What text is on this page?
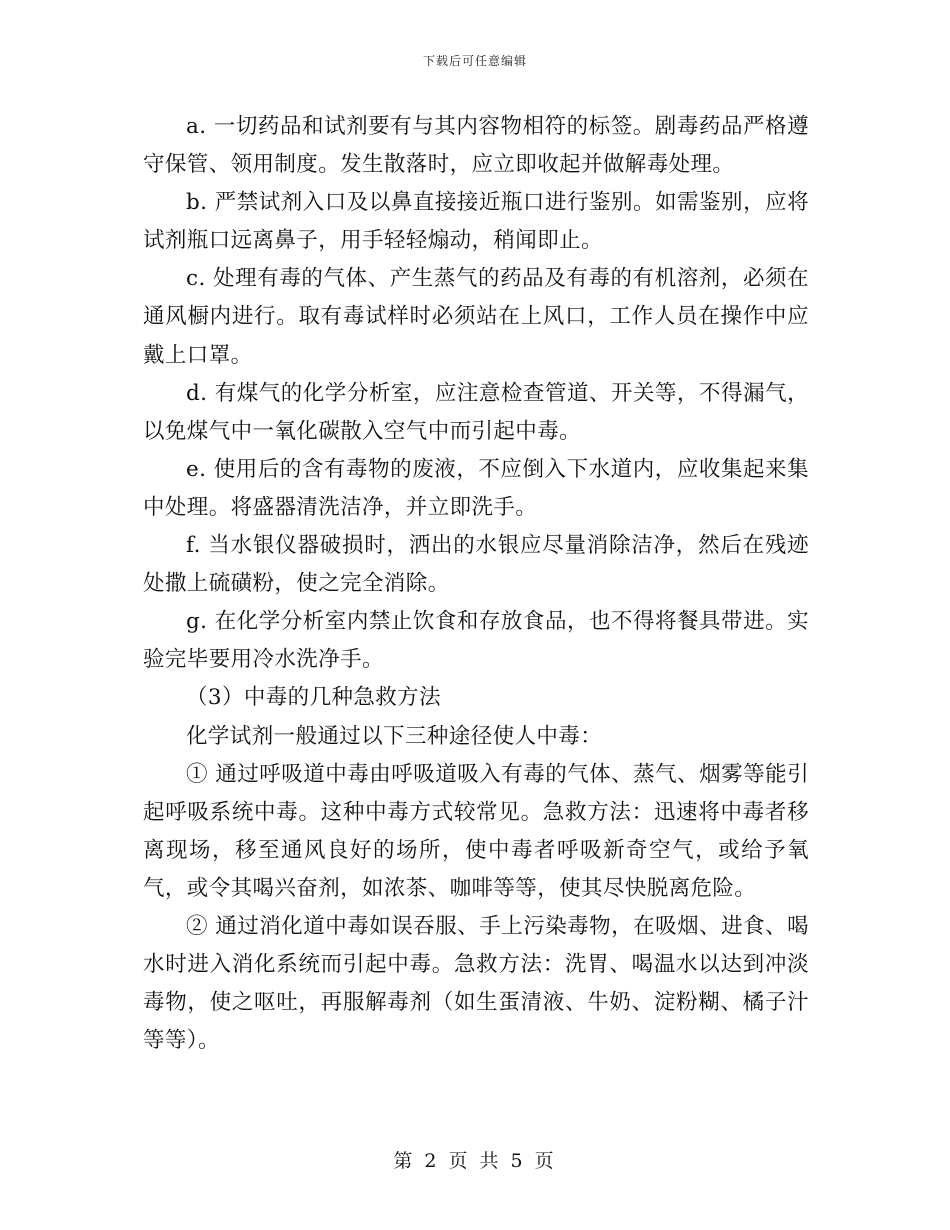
下载后可任意编辑

a. 一切药品和试剂要有与其内容物相符的标签。剧毒药品严格遵守保管、领用制度。发生散落时，应立即收起并做解毒处理。

b. 严禁试剂入口及以鼻直接接近瓶口进行鉴别。如需鉴别，应将试剂瓶口远离鼻子，用手轻轻煽动，稍闻即止。

c. 处理有毒的气体、产生蒸气的药品及有毒的有机溶剂，必须在通风橱内进行。取有毒试样时必须站在上风口，工作人员在操作中应戴上口罩。

d. 有煤气的化学分析室，应注意检查管道、开关等，不得漏气，以免煤气中一氧化碳散入空气中而引起中毒。

e. 使用后的含有毒物的废液，不应倒入下水道内，应收集起来集中处理。将盛器清洗洁净，并立即洗手。

f. 当水银仪器破损时，洒出的水银应尽量消除洁净，然后在残迹处撒上硫磺粉，使之完全消除。

g. 在化学分析室内禁止饮食和存放食品，也不得将餐具带进。实验完毕要用冷水洗净手。

（3）中毒的几种急救方法

化学试剂一般通过以下三种途径使人中毒：

① 通过呼吸道中毒由呼吸道吸入有毒的气体、蒸气、烟雾等能引起呼吸系统中毒。这种中毒方式较常见。急救方法：迅速将中毒者移离现场，移至通风良好的场所，使中毒者呼吸新奇空气，或给予氧气，或令其喝兴奋剂，如浓茶、咖啡等等，使其尽快脱离危险。

② 通过消化道中毒如误吞服、手上污染毒物，在吸烟、进食、喝水时进入消化系统而引起中毒。急救方法：洗胃、喝温水以达到冲淡毒物，使之呕吐，再服解毒剂（如生蛋清液、牛奶、淀粉糊、橘子汁等等）。

第 2 页 共 5 页
